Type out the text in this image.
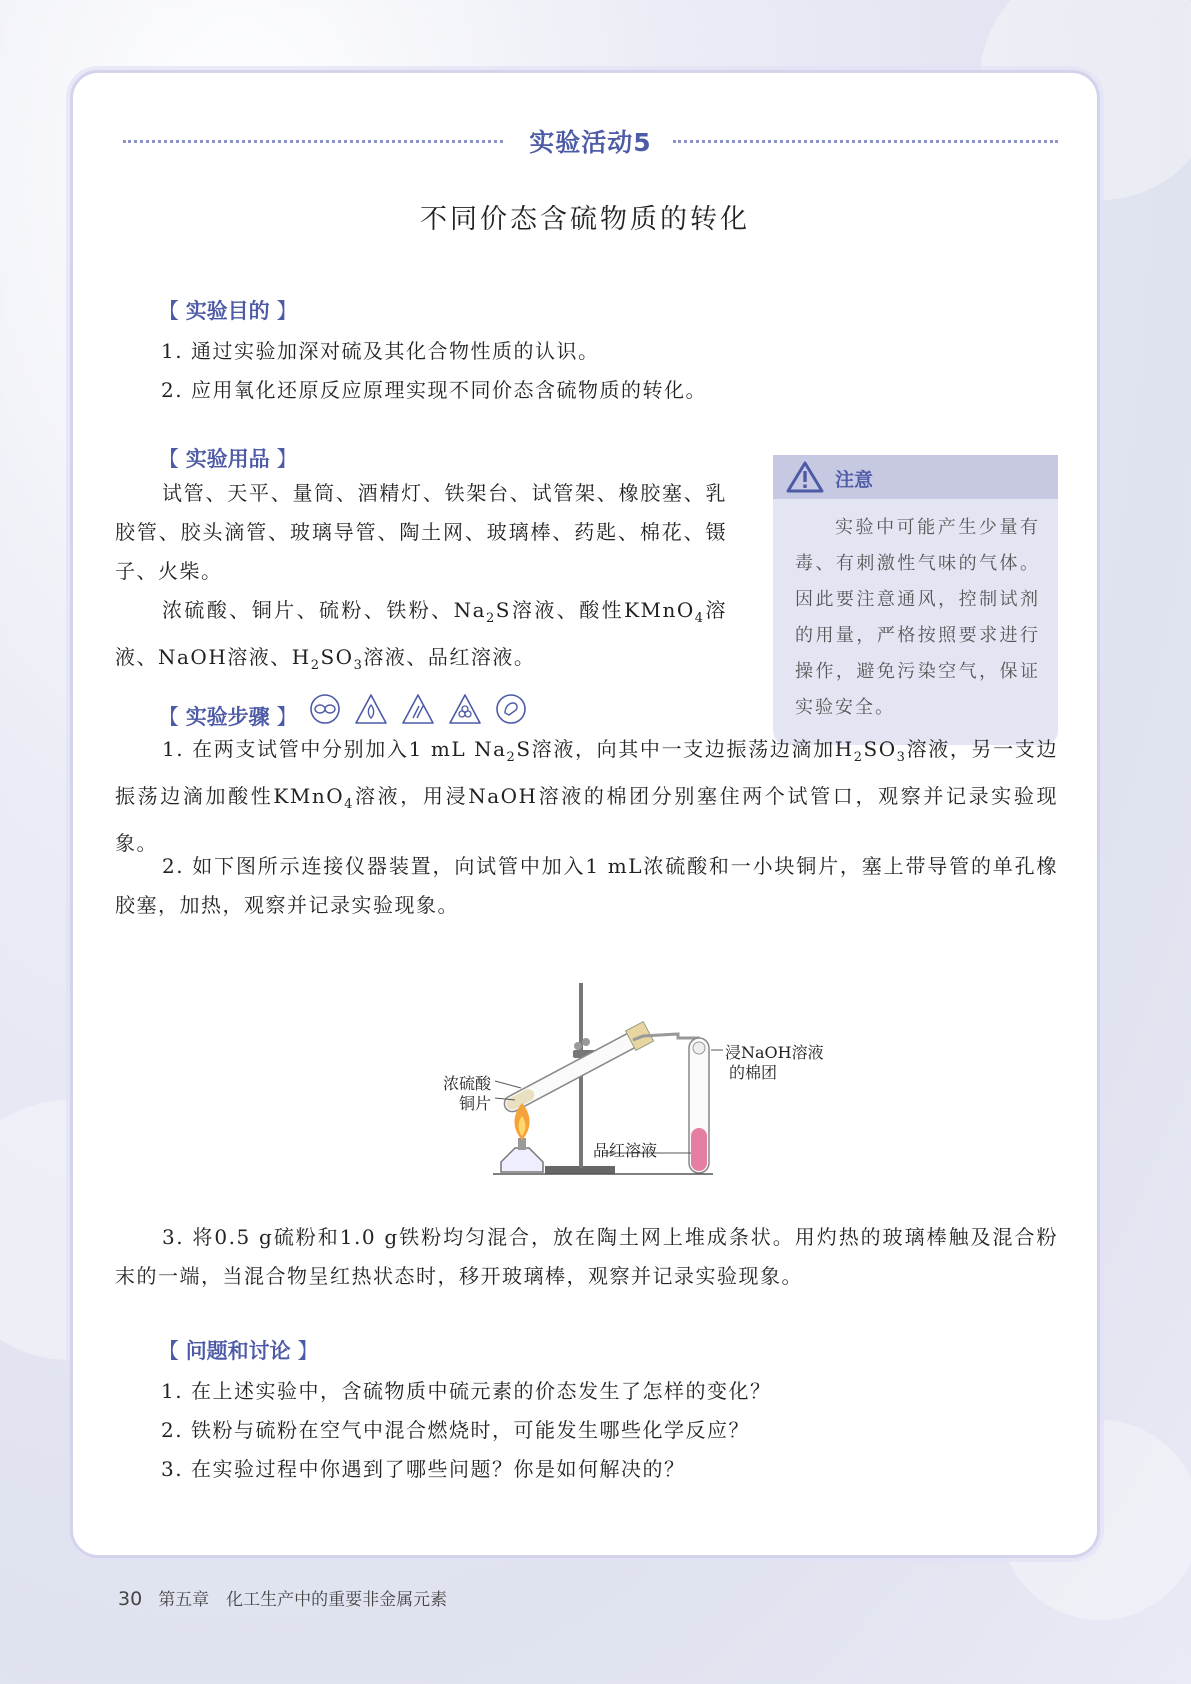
实验活动5
不同价态含硫物质的转化
【 实验目的 】
1. 通过实验加深对硫及其化合物性质的认识。
2. 应用氧化还原反应原理实现不同价态含硫物质的转化。
【 实验用品 】
试管、天平、量筒、酒精灯、铁架台、试管架、橡胶塞、乳胶管、胶头滴管、玻璃导管、陶土网、玻璃棒、药匙、棉花、镊子、火柴。
浓硫酸、铜片、硫粉、铁粉、$Na_2S$溶液、酸性KMnO$_4$溶液、NaOH溶液、$H_2SO_3$溶液、品红溶液。
注意
实验中可能产生少量有毒、有刺激性气味的气体。因此要注意通风，控制试剂的用量，严格按照要求进行操作，避免污染空气，保证实验安全。
【 实验步骤 】

1. 在两支试管中分别加入1 mL $Na_2S$溶液，向其中一支边振荡边滴加$H_2SO_3$溶液，另一支边振荡边滴加酸性KMnO$_4$溶液，用浸NaOH溶液的棉团分别塞住两个试管口，观察并记录实验现象。
2. 如下图所示连接仪器装置，向试管中加入1 mL浓硫酸和一小块铜片，塞上带导管的单孔橡胶塞，加热，观察并记录实验现象。
浓硫酸
铜片
浸NaOH溶液
的棉团
品红溶液
3. 将0.5 g硫粉和1.0 g铁粉均匀混合，放在陶土网上堆成条状。用灼热的玻璃棒触及混合粉末的一端，当混合物呈红热状态时，移开玻璃棒，观察并记录实验现象。
【 问题和讨论 】
1. 在上述实验中，含硫物质中硫元素的价态发生了怎样的变化？
2. 铁粉与硫粉在空气中混合燃烧时，可能发生哪些化学反应？
3. 在实验过程中你遇到了哪些问题？你是如何解决的？
30 第五章　化工生产中的重要非金属元素
